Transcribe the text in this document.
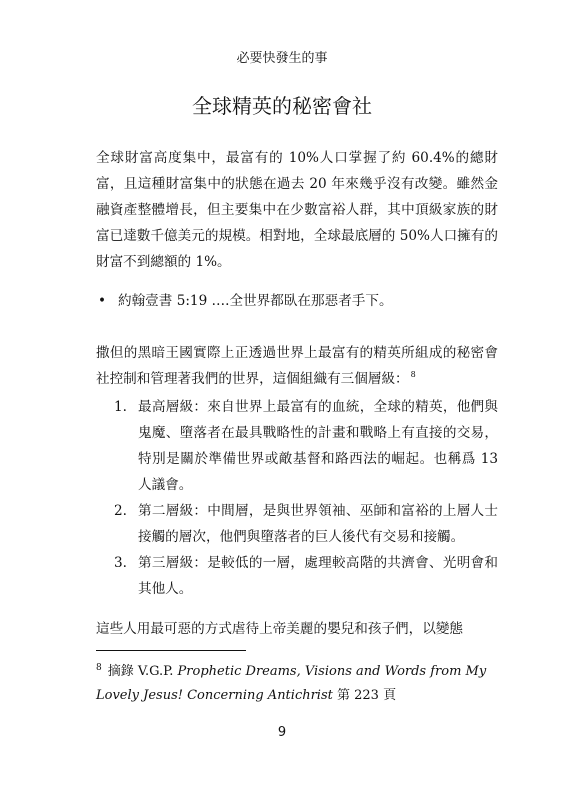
必要快發生的事
全球精英的秘密會社

全球財富高度集中，最富有的 10%人口掌握了約 60.4%的總財富，且這種財富集中的狀態在過去 20 年來幾乎沒有改變。雖然金融資產整體增長，但主要集中在少數富裕人群，其中頂級家族的財富已達數千億美元的規模。相對地，全球最底層的 50%人口擁有的財富不到總額的 1%。

• 約翰壹書 5:19 ….全世界都臥在那惡者手下。

撒但的黑暗王國實際上正透過世界上最富有的精英所組成的秘密會社控制和管理著我們的世界，這個組織有三個層級： $^8$

1. 最高層級：來自世界上最富有的血統，全球的精英，他們與鬼魔、墮落者在最具戰略性的計畫和戰略上有直接的交易，特別是關於準備世界或敵基督和路西法的崛起。也稱爲 13 人議會。
2. 第二層級：中間層，是與世界領袖、巫師和富裕的上層人士接觸的層次，他們與墮落者的巨人後代有交易和接觸。
3. 第三層級：是較低的一層，處理較高階的共濟會、光明會和其他人。

這些人用最可惡的方式虐待上帝美麗的嬰兒和孩子們，以變態

$^8$ 摘錄 V.G.P. Prophetic Dreams, Visions and Words from My Lovely Jesus! Concerning Antichrist 第 223 頁

9
